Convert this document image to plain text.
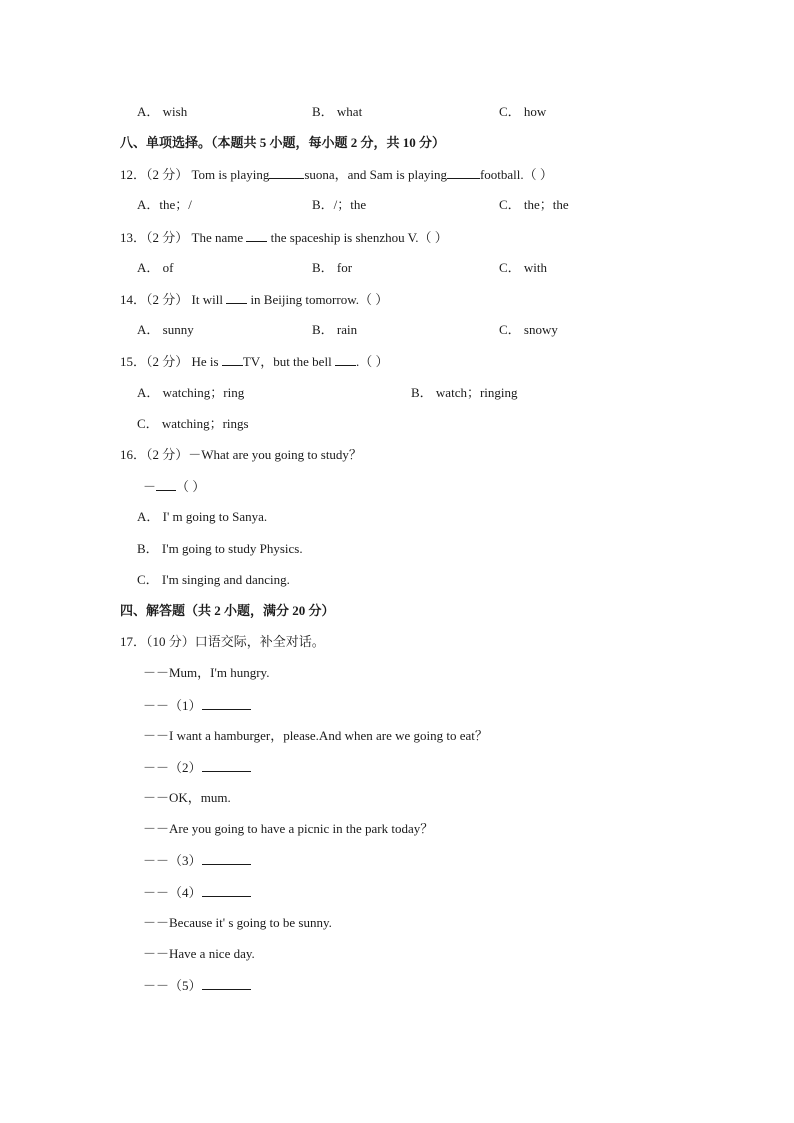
A． wish	B． what	C． how
八、单项选择。（本题共 5 小题，每小题 2 分，共 10 分）
12．（2 分） Tom is playing	suona，and Sam is playing	football.（ ）
A．the；/	B．/；the	C． the；the
13．（2 分） The name the spaceship is shenzhou V.（ ）
A． of	B． for	C． with
14．（2 分） It will in Beijing tomorrow.（ ）
A． sunny	B． rain	C． snowy
15．（2 分） He is TV，but the bell .（ ）
A． watching；ring	B． watch；ringing
C． watching；rings
16．（2 分）－What are you going to study？
－ （ ）
A． I' m going to Sanya.
B． I'm going to study Physics.
C． I'm singing and dancing.
四、解答题（共 2 小题，满分 20 分）
17．（10 分）口语交际，补全对话。
－－Mum，I'm hungry.
－－（1）
－－I want a hamburger，please.And when are we going to eat？
－－（2）
－－OK，mum.
－－Are you going to have a picnic in the park today？
－－（3）
－－（4）
－－Because it' s going to be sunny.
－－Have a nice day.
－－（5）
